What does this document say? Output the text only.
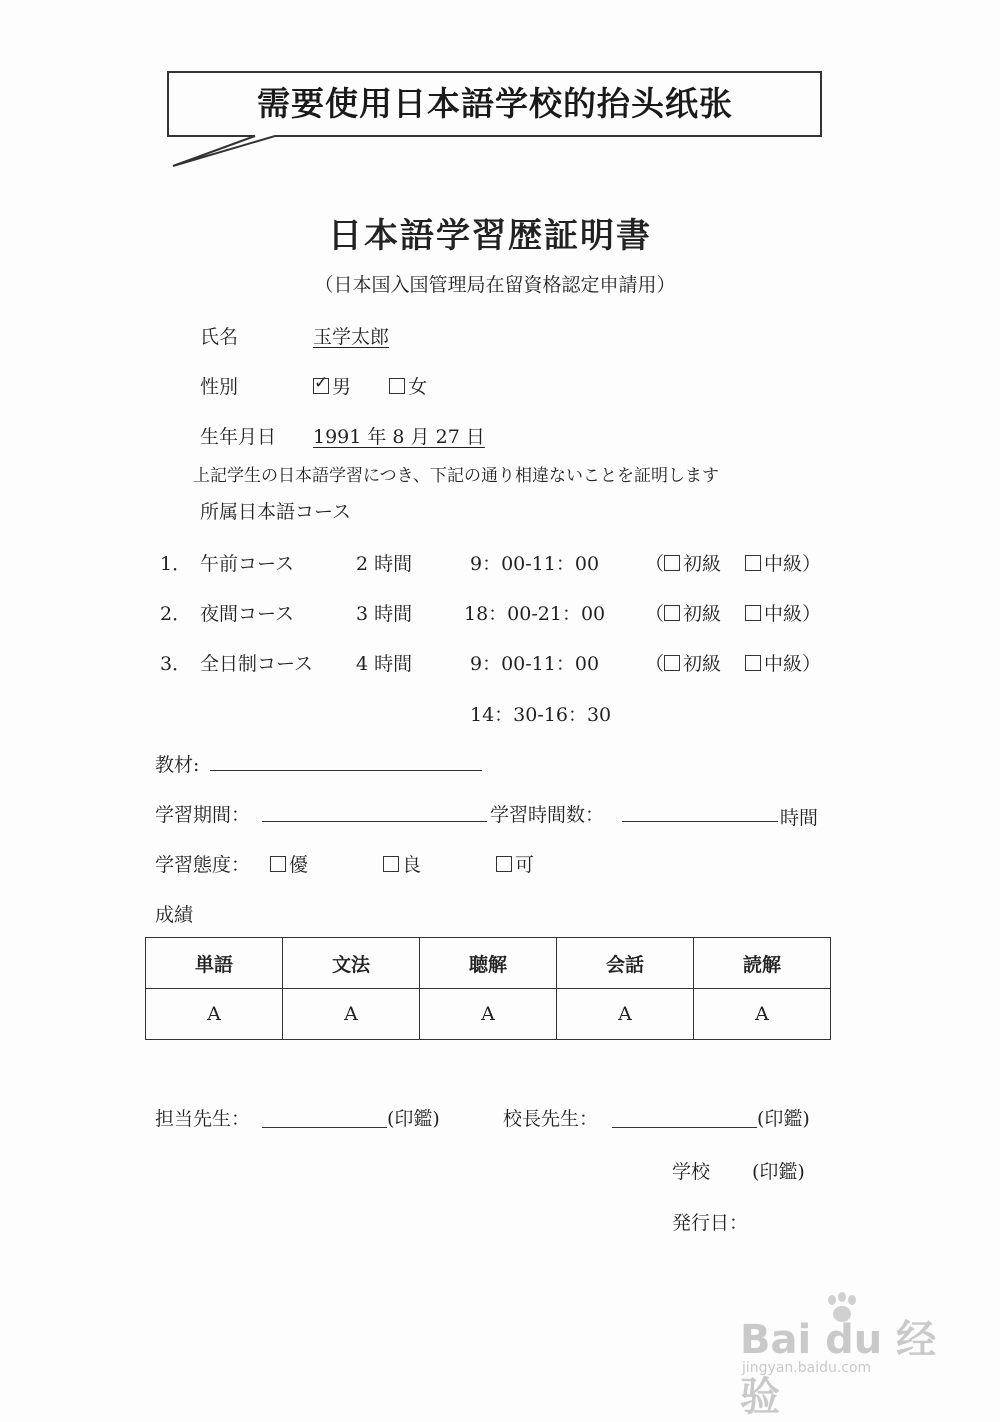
需要使用日本語学校的抬头纸张
日本語学習歴証明書
（日本国入国管理局在留資格認定申請用）
氏名	玉学太郎
性別 ✓	男	女
生年月日 1991 年 8 月 27 日
上記学生の日本語学習につき、下記の通り相違ないことを証明します
所属日本語コース
1． 午前コース	2 時間	9：00-11：00 （ 初級 中級）
2． 夜間コース	3 時間	18：00-21：00 （ 初級 中級）
3． 全日制コース 4 時間	9：00-11：00 （ 初級 中級）
14：30-16：30
教材:
学習期間：	学習時間数：	時間
学習態度：	優	良	可
成績
単語	文法	聴解	会話	読解
A	A	A	A	A
担当先生：	(印鑑)	校長先生：	(印鑑)
学校 (印鑑)
発行日：
Bai du 经验
jingyan.baidu.com
